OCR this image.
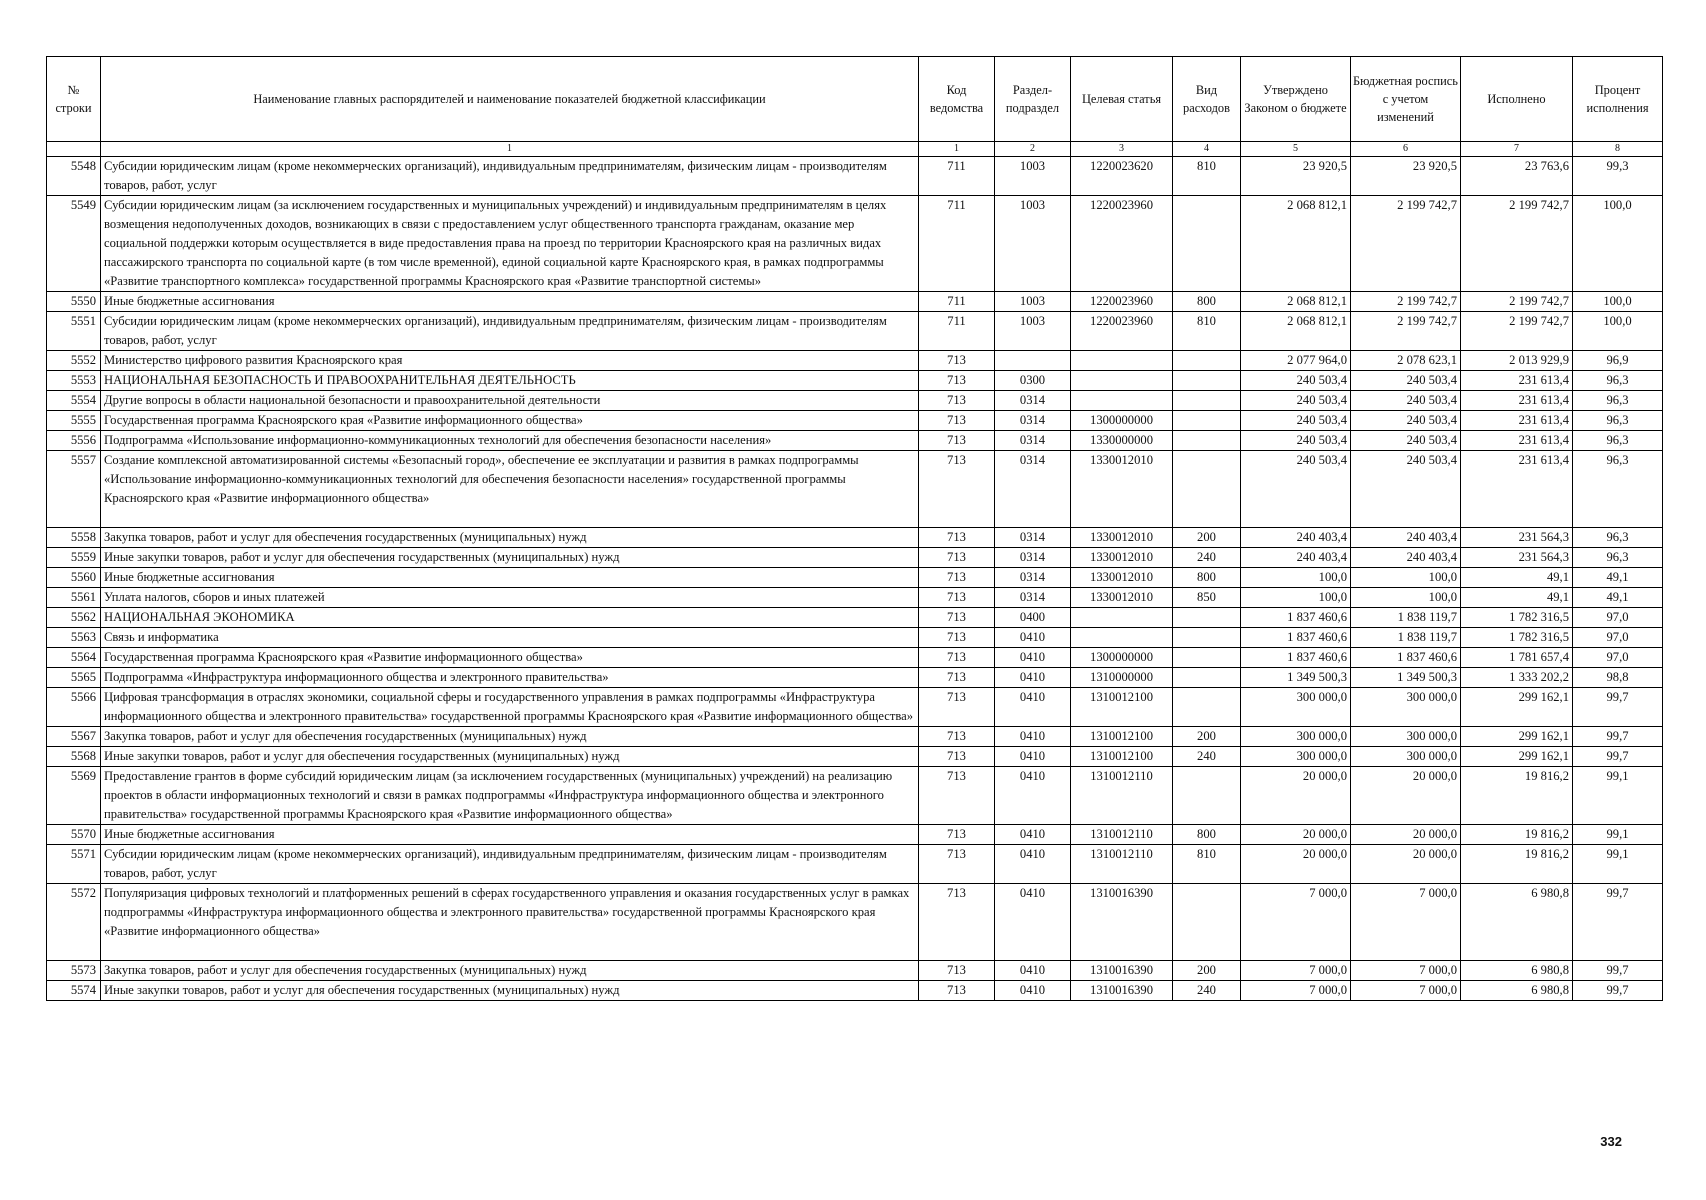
№ строки	Наименование главных распорядителей и наименование показателей бюджетной классификации	Код ведомства	Раздел-подраздел	Целевая статья	Вид расходов	Утверждено Законом о бюджете	Бюджетная роспись с учетом изменений	Исполнено	Процент исполнения
	1	1	2	3	4	5	6	7	8
5548	Субсидии юридическим лицам (кроме некоммерческих организаций), индивидуальным предпринимателям, физическим лицам - производителям товаров, работ, услуг	711	1003	1220023620	810	23 920,5	23 920,5	23 763,6	99,3
5549	Субсидии юридическим лицам (за исключением государственных и муниципальных учреждений) и индивидуальным предпринимателям в целях возмещения недополученных доходов, возникающих в связи с предоставлением услуг общественного транспорта гражданам, оказание мер социальной поддержки которым осуществляется в виде предоставления права на проезд по территории Красноярского края на различных видах пассажирского транспорта по социальной карте (в том числе временной), единой социальной карте Красноярского края, в рамках подпрограммы «Развитие транспортного комплекса» государственной программы Красноярского края «Развитие транспортной системы»	711	1003	1220023960		2 068 812,1	2 199 742,7	2 199 742,7	100,0
5550	Иные бюджетные ассигнования	711	1003	1220023960	800	2 068 812,1	2 199 742,7	2 199 742,7	100,0
5551	Субсидии юридическим лицам (кроме некоммерческих организаций), индивидуальным предпринимателям, физическим лицам - производителям товаров, работ, услуг	711	1003	1220023960	810	2 068 812,1	2 199 742,7	2 199 742,7	100,0
5552	Министерство цифрового развития Красноярского края	713				2 077 964,0	2 078 623,1	2 013 929,9	96,9
5553	НАЦИОНАЛЬНАЯ БЕЗОПАСНОСТЬ И ПРАВООХРАНИТЕЛЬНАЯ ДЕЯТЕЛЬНОСТЬ	713	0300			240 503,4	240 503,4	231 613,4	96,3
5554	Другие вопросы в области национальной безопасности и правоохранительной деятельности	713	0314			240 503,4	240 503,4	231 613,4	96,3
5555	Государственная программа Красноярского края «Развитие информационного общества»	713	0314	1300000000		240 503,4	240 503,4	231 613,4	96,3
5556	Подпрограмма «Использование информационно-коммуникационных технологий для обеспечения безопасности населения»	713	0314	1330000000		240 503,4	240 503,4	231 613,4	96,3
5557	Создание комплексной автоматизированной системы «Безопасный город», обеспечение ее эксплуатации и развития в рамках подпрограммы «Использование информационно-коммуникационных технологий для обеспечения безопасности населения» государственной программы Красноярского края «Развитие информационного общества»	713	0314	1330012010		240 503,4	240 503,4	231 613,4	96,3
5558	Закупка товаров, работ и услуг для обеспечения государственных (муниципальных) нужд	713	0314	1330012010	200	240 403,4	240 403,4	231 564,3	96,3
5559	Иные закупки товаров, работ и услуг для обеспечения государственных (муниципальных) нужд	713	0314	1330012010	240	240 403,4	240 403,4	231 564,3	96,3
5560	Иные бюджетные ассигнования	713	0314	1330012010	800	100,0	100,0	49,1	49,1
5561	Уплата налогов, сборов и иных платежей	713	0314	1330012010	850	100,0	100,0	49,1	49,1
5562	НАЦИОНАЛЬНАЯ ЭКОНОМИКА	713	0400			1 837 460,6	1 838 119,7	1 782 316,5	97,0
5563	Связь и информатика	713	0410			1 837 460,6	1 838 119,7	1 782 316,5	97,0
5564	Государственная программа Красноярского края «Развитие информационного общества»	713	0410	1300000000		1 837 460,6	1 837 460,6	1 781 657,4	97,0
5565	Подпрограмма «Инфраструктура информационного общества и электронного правительства»	713	0410	1310000000		1 349 500,3	1 349 500,3	1 333 202,2	98,8
5566	Цифровая трансформация в отраслях экономики, социальной сферы и государственного управления в рамках подпрограммы «Инфраструктура информационного общества и электронного правительства» государственной программы Красноярского края «Развитие информационного общества»	713	0410	1310012100		300 000,0	300 000,0	299 162,1	99,7
5567	Закупка товаров, работ и услуг для обеспечения государственных (муниципальных) нужд	713	0410	1310012100	200	300 000,0	300 000,0	299 162,1	99,7
5568	Иные закупки товаров, работ и услуг для обеспечения государственных (муниципальных) нужд	713	0410	1310012100	240	300 000,0	300 000,0	299 162,1	99,7
5569	Предоставление грантов в форме субсидий юридическим лицам (за исключением государственных (муниципальных) учреждений) на реализацию проектов в области информационных технологий и связи в рамках подпрограммы «Инфраструктура информационного общества и электронного правительства» государственной программы Красноярского края «Развитие информационного общества»	713	0410	1310012110		20 000,0	20 000,0	19 816,2	99,1
5570	Иные бюджетные ассигнования	713	0410	1310012110	800	20 000,0	20 000,0	19 816,2	99,1
5571	Субсидии юридическим лицам (кроме некоммерческих организаций), индивидуальным предпринимателям, физическим лицам - производителям товаров, работ, услуг	713	0410	1310012110	810	20 000,0	20 000,0	19 816,2	99,1
5572	Популяризация цифровых технологий и платформенных решений в сферах государственного управления и оказания государственных услуг в рамках подпрограммы «Инфраструктура информационного общества и электронного правительства» государственной программы Красноярского края «Развитие информационного общества»	713	0410	1310016390		7 000,0	7 000,0	6 980,8	99,7
5573	Закупка товаров, работ и услуг для обеспечения государственных (муниципальных) нужд	713	0410	1310016390	200	7 000,0	7 000,0	6 980,8	99,7
5574	Иные закупки товаров, работ и услуг для обеспечения государственных (муниципальных) нужд	713	0410	1310016390	240	7 000,0	7 000,0	6 980,8	99,7
332
